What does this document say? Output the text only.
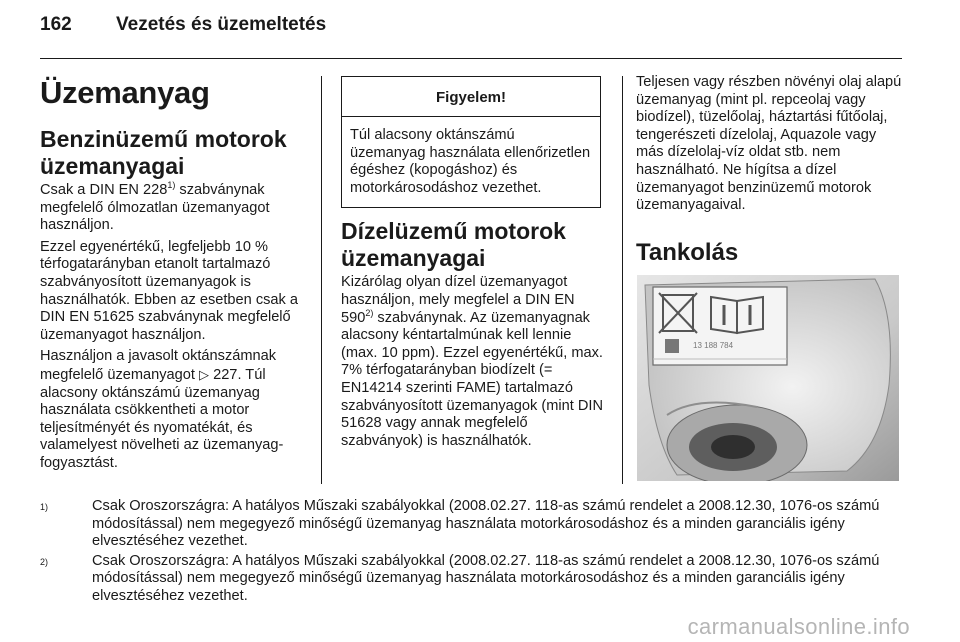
162	Vezetés és üzemeltetés
Üzemanyag
Benzinüzemű motorok üzemanyagai

Csak a DIN EN 228$^{1)}$ szabványnak megfelelő ólmozatlan üzemanyagot használjon.

Ezzel egyenértékű, legfeljebb 10 % térfogatarányban etanolt tartalmazó szabványosított üzemanyagok is használhatók. Ebben az esetben csak a DIN EN 51625 szabványnak megfelelő üzemanyagot használjon.

Használjon a javasolt oktánszámnak megfelelő üzemanyagot ▷ 227. Túl alacsony oktánszámú üzemanyag használata csökkentheti a motor teljesítményét és nyomatékát, és valamelyest növelheti az üzemanyag-fogyasztást.

Figyelem!
Túl alacsony oktánszámú üzemanyag használata ellenőrizetlen égéshez (kopogáshoz) és motorkárosodáshoz vezethet.
Dízelüzemű motorok üzemanyagai

Kizárólag olyan dízel üzemanyagot használjon, mely megfelel a DIN EN 590$^{2)}$ szabványnak. Az üzemanyagnak alacsony kéntartalmúnak kell lennie (max. 10 ppm). Ezzel egyenértékű, max. 7% térfogatarányban biodízelt (= EN14214 szerinti FAME) tartalmazó szabványosított üzemanyagok (mint DIN 51628 vagy annak megfelelő szabványok) is használhatók.

Teljesen vagy részben növényi olaj alapú üzemanyag (mint pl. repceolaj vagy biodízel), tüzelőolaj, háztartási fűtőolaj, tengerészeti dízelolaj, Aquazole vagy más dízelolaj-víz oldat stb. nem használható. Ne hígítsa a dízel üzemanyagot benzinüzemű motorok üzemanyagaival.

Tankolás
13 188 784
1)	Csak Oroszországra: A hatályos Műszaki szabályokkal (2008.02.27. 118-as számú rendelet a 2008.12.30, 1076-os számú módosítással) nem megegyező minőségű üzemanyag használata motorkárosodáshoz és a minden garanciális igény elvesztéséhez vezethet.
2)	Csak Oroszországra: A hatályos Műszaki szabályokkal (2008.02.27. 118-as számú rendelet a 2008.12.30, 1076-os számú módosítással) nem megegyező minőségű üzemanyag használata motorkárosodáshoz és a minden garanciális igény elvesztéséhez vezethet.
carmanualsonline.info
